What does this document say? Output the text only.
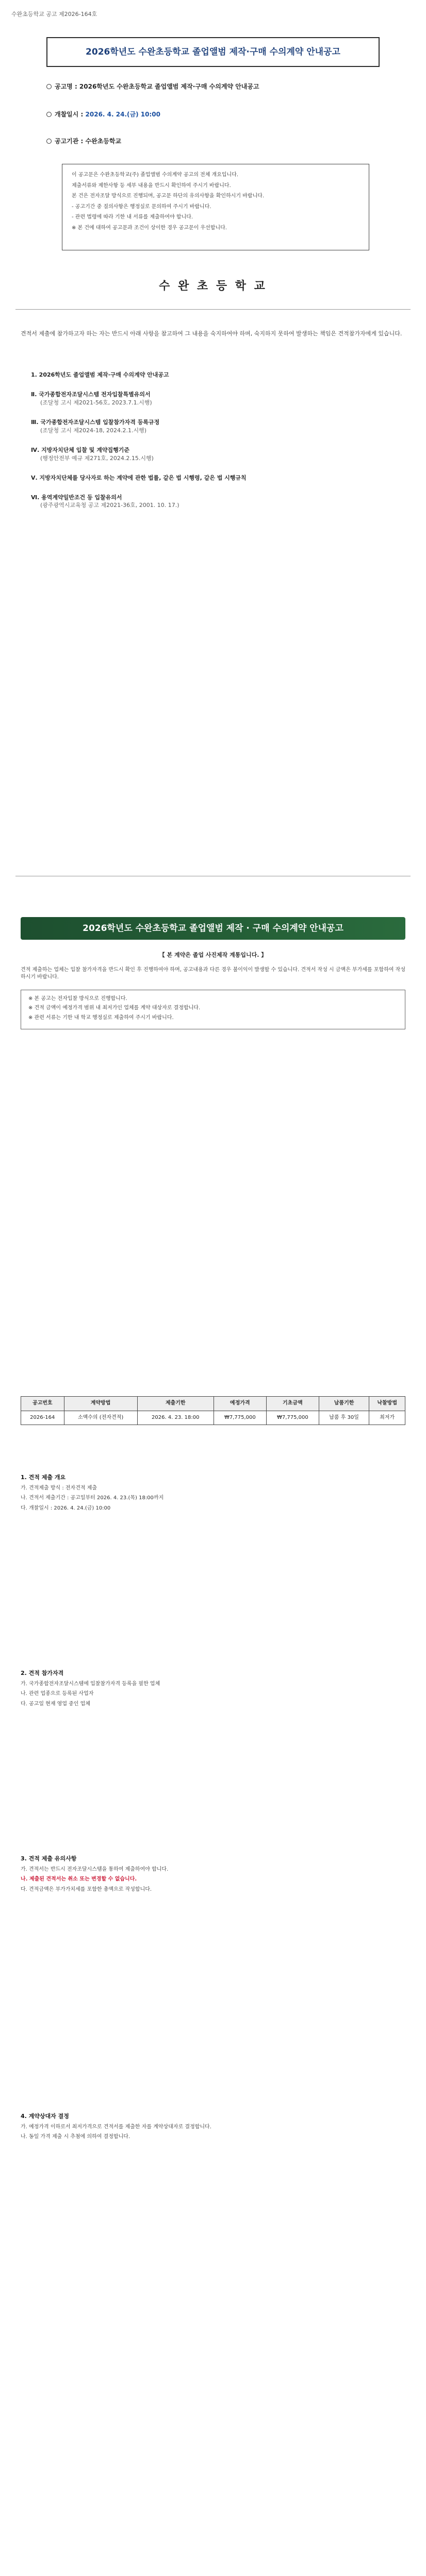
수완초등학교 공고 제2026-164호
2026학년도 수완초등학교 졸업앨범 제작·구매 수의계약 안내공고
공고명 : 2026학년도 수완초등학교 졸업앨범 제작·구매 수의계약 안내공고
개찰일시 : 2026. 4. 24.(금) 10:00
공고기관 : 수완초등학교

이 공고문은 수완초등학교(주) 졸업앨범 수의계약 공고의 전체 개요입니다.

제출서류와 제한사항 등 세부 내용을 반드시 확인하여 주시기 바랍니다.

본 건은 전자조달 방식으로 진행되며, 공고문 하단의 유의사항을 확인하시기 바랍니다.

- 공고기간 중 질의사항은 행정실로 문의하여 주시기 바랍니다.

- 관련 법령에 따라 기한 내 서류를 제출하여야 합니다.

※ 본 건에 대하여 공고문과 조건이 상이한 경우 공고문이 우선합니다.

수 완 초 등 학 교
견적서 제출에 참가하고자 하는 자는 반드시 아래 사항을 참고하여 그 내용을 숙지하여야 하며, 숙지하지 못하여 발생하는 책임은 견적참가자에게 있습니다.
1. 2026학년도 졸업앨범 제작·구매 수의계약 안내공고
Ⅱ. 국가종합전자조달시스템 전자입찰특별유의서
(조달청 고시 제2021-56호, 2023.7.1.시행)
Ⅲ. 국가종합전자조달시스템 입찰참가자격 등록규정
(조달청 고시 제2024-18, 2024.2.1.시행)
Ⅳ. 지방자치단체 입찰 및 계약집행기준
(행정안전부 예규 제271호, 2024.2.15.시행)
Ⅴ. 지방자치단체를 당사자로 하는 계약에 관한 법률, 같은 법 시행령, 같은 법 시행규칙
Ⅵ. 용역계약일반조건 등 입찰유의서
(광주광역시교육청 공고 제2021-36호, 2001. 10. 17.)
2026학년도 수완초등학교 졸업앨범 제작 · 구매 수의계약 안내공고
【 본 계약은 졸업 사진제작 계통입니다. 】
견적 제출하는 업체는 입찰 참가자격을 반드시 확인 후 진행하여야 하며, 공고내용과 다른 경우 불이익이 발생할 수 있습니다. 견적서 작성 시 금액은 부가세를 포함하여 작성하시기 바랍니다.

※ 본 공고는 전자입찰 방식으로 진행합니다.

※ 견적 금액이 예정가격 범위 내 최저가인 업체를 계약 대상자로 결정합니다.

※ 관련 서류는 기한 내 학교 행정실로 제출하여 주시기 바랍니다.

공고번호	계약방법	제출기한	예정가격	기초금액	납품기한	낙찰방법
2026-164	소액수의 (전자견적)	2026. 4. 23. 18:00	₩7,775,000	₩7,775,000	납품 후 30일	최저가
1. 견적 제출 개요

가. 견적제출 방식 : 전자견적 제출

나. 견적서 제출기간 : 공고일부터 2026. 4. 23.(목) 18:00까지

다. 개찰일시 : 2026. 4. 24.(금) 10:00

2. 견적 참가자격

가. 국가종합전자조달시스템에 입찰참가자격 등록을 필한 업체

나. 관련 업종으로 등록된 사업자

다. 공고일 현재 영업 중인 업체

3. 견적 제출 유의사항

가. 견적서는 반드시 전자조달시스템을 통하여 제출하여야 합니다.

나. 제출된 견적서는 취소 또는 변경할 수 없습니다.

다. 견적금액은 부가가치세를 포함한 총액으로 작성합니다.

4. 계약상대자 결정

가. 예정가격 이하로서 최저가격으로 견적서를 제출한 자를 계약상대자로 결정합니다.

나. 동일 가격 제출 시 추첨에 의하여 결정합니다.
